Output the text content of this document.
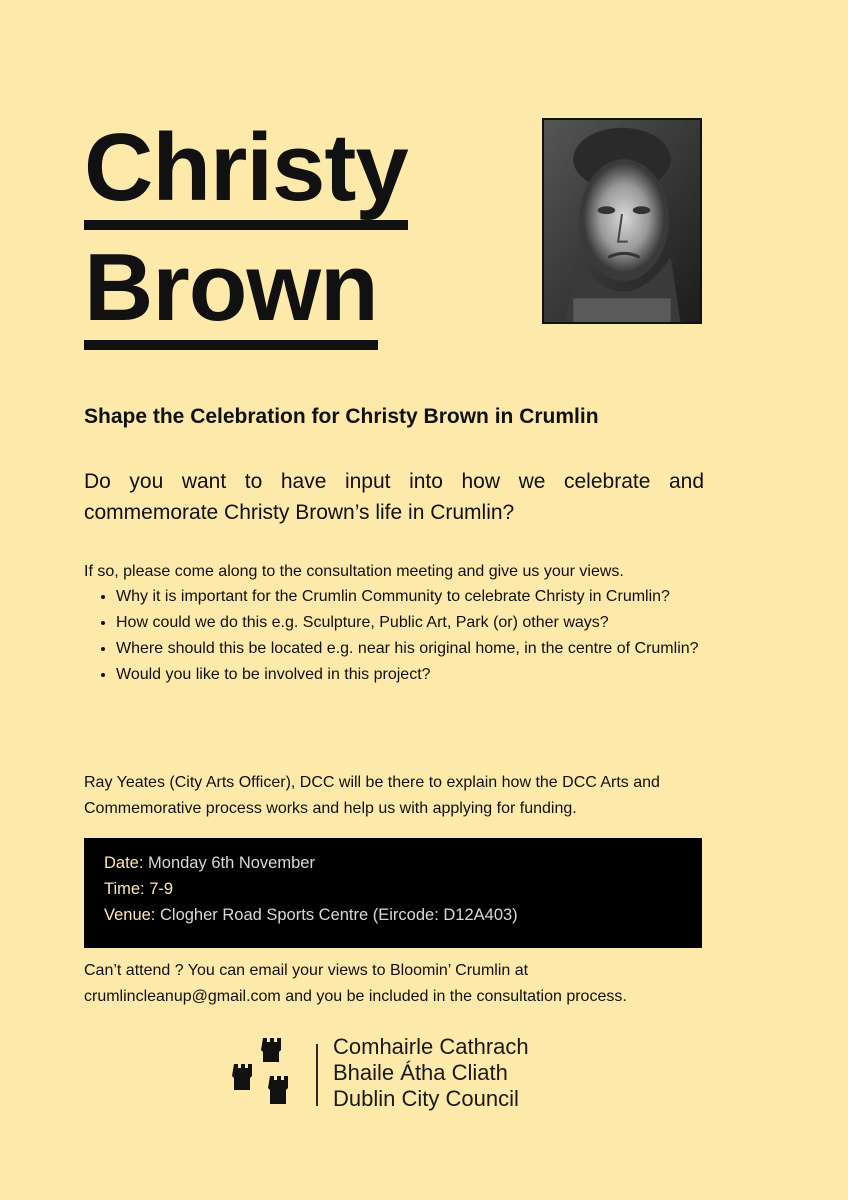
Christy
Brown
Shape the Celebration for Christy Brown in Crumlin

Do you want to have input into how we celebrate and commemorate Christy Brown’s life in Crumlin?

If so, please come along to the consultation meeting and give us your views.

• Why it is important for the Crumlin Community to celebrate Christy in Crumlin?
• How could we do this e.g. Sculpture, Public Art, Park (or) other ways?
• Where should this be located e.g. near his original home, in the centre of Crumlin?
• Would you like to be involved in this project?

Ray Yeates (City Arts Officer), DCC will be there to explain how the DCC Arts and Commemorative process works and help us with applying for funding.

Date: Monday 6th November
Time: 7-9
Venue: Clogher Road Sports Centre (Eircode: D12A403)

Can’t attend ? You can email your views to Bloomin’ Crumlin at
crumlincleanup@gmail.com and you be included in the consultation process.

Comhairle Cathrach
Bhaile Átha Cliath
Dublin City Council
